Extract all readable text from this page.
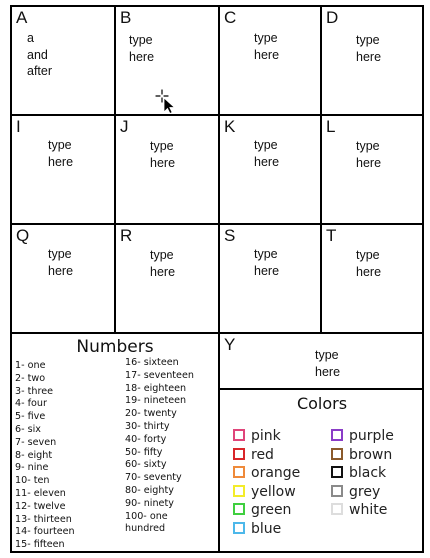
A
a
and
after
B
type
here
C
type
here
D
type
here
I
type
here
J
type
here
K
type
here
L
type
here
Q
type
here
R
type
here
S
type
here
T
type
here
Y
type
here
Numbers
1- one
2- two
3- three
4- four
5- five
6- six
7- seven
8- eight
9- nine
10- ten
11- eleven
12- twelve
13- thirteen
14- fourteen
15- fifteen
16- sixteen
17- seventeen
18- eighteen
19- nineteen
20- twenty
30- thirty
40- forty
50- fifty
60- sixty
70- seventy
80- eighty
90- ninety
100- one
hundred
Colors
pink
red
orange
yellow
green
blue
purple
brown
black
grey
white
